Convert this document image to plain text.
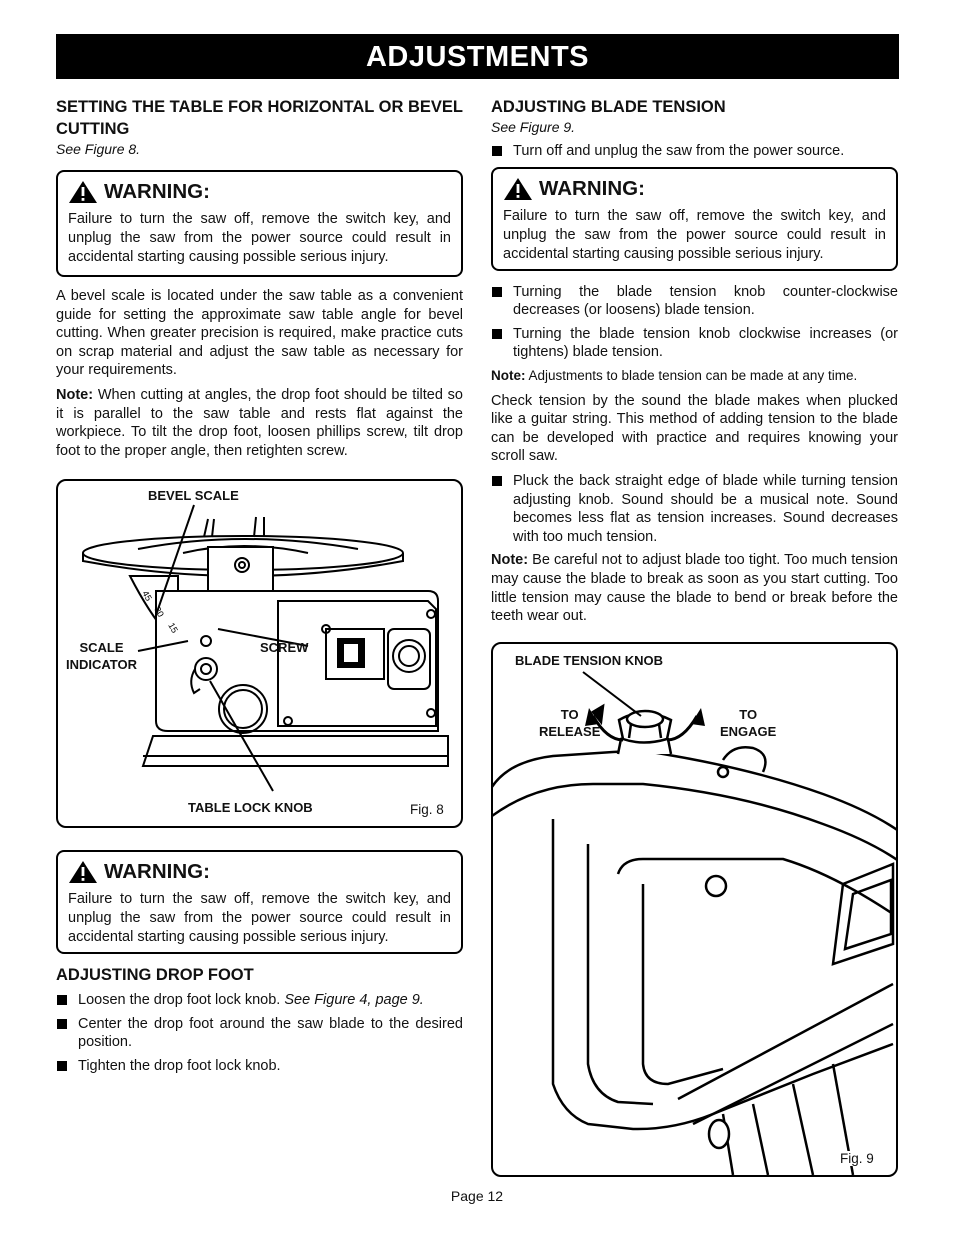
ADJUSTMENTS
SETTING THE TABLE FOR HORIZONTAL OR BEVEL CUTTING
See Figure 8.
WARNING:

Failure to turn the saw off, remove the switch key, and unplug the saw from the power source could result in accidental starting causing possible serious injury.

A bevel scale is located under the saw table as a convenient guide for setting the approximate saw table angle for bevel cutting. When greater precision is required, make practice cuts on scrap material and adjust the saw table as necessary for your requirements.

Note: When cutting at angles, the drop foot should be tilted so it is parallel to the saw table and rests flat against the workpiece. To tilt the drop foot, loosen phillips screw, tilt drop foot to the proper angle, then retighten screw.

45
30
15
BEVEL SCALE
SCALE
INDICATOR
SCREW
TABLE LOCK KNOB	Fig. 8
WARNING:

Failure to turn the saw off, remove the switch key, and unplug the saw from the power source could result in accidental starting causing possible serious injury.

ADJUSTING DROP FOOT
Loosen the drop foot lock knob. See Figure 4, page 9.
Center the drop foot around the saw blade to the desired position.
Tighten the drop foot lock knob.
ADJUSTING BLADE TENSION
See Figure 9.
Turn off and unplug the saw from the power source.
WARNING:

Failure to turn the saw off, remove the switch key, and unplug the saw from the power source could result in accidental starting causing possible serious injury.

Turning the blade tension knob counter-clockwise decreases (or loosens) blade tension.
Turning the blade tension knob clockwise increases (or tightens) blade tension.

Note: Adjustments to blade tension can be made at any time.

Check tension by the sound the blade makes when plucked like a guitar string. This method of adding tension to the blade can be developed with practice and requires knowing your scroll saw.

Pluck the back straight edge of blade while turning tension adjusting knob. Sound should be a musical note. Sound becomes less flat as tension increases. Sound decreases with too much tension.

Note: Be careful not to adjust blade too tight. Too much tension may cause the blade to break as soon as you start cutting. Too little tension may cause the blade to bend or break before the teeth wear out.

BLADE TENSION KNOB
TO
RELEASE
TO
ENGAGE
Fig. 9
Page 12
